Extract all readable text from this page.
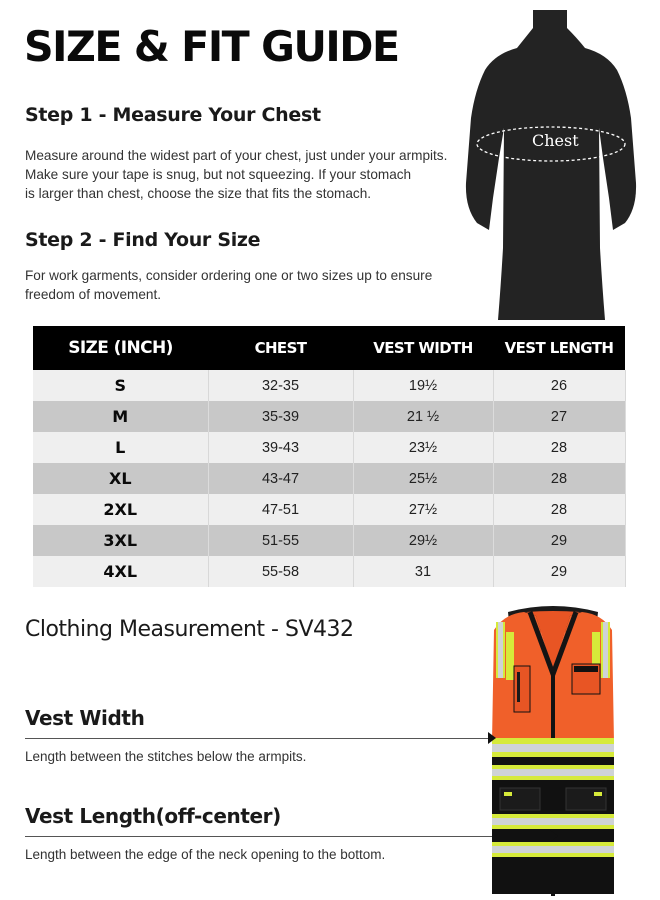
SIZE & FIT GUIDE
Chest
Step 1 - Measure Your Chest

Measure around the widest part of your chest, just under your armpits.
Make sure your tape is snug, but not squeezing. If your stomach
is larger than chest, choose the size that fits the stomach.

Step 2 - Find Your Size

For work garments, consider ordering one or two sizes up to ensure
freedom of movement.

SIZE (INCH)	CHEST	VEST WIDTH	VEST LENGTH
S	32-35	19½	26
M	35-39	21 ½	27
L	39-43	23½	28
XL	43-47	25½	28
2XL	47-51	27½	28
3XL	51-55	29½	29
4XL	55-58	31	29
Clothing Measurement - SV432
Vest Width

Length between the stitches below the armpits.

Vest Length(off-center)

Length between the edge of the neck opening to the bottom.
